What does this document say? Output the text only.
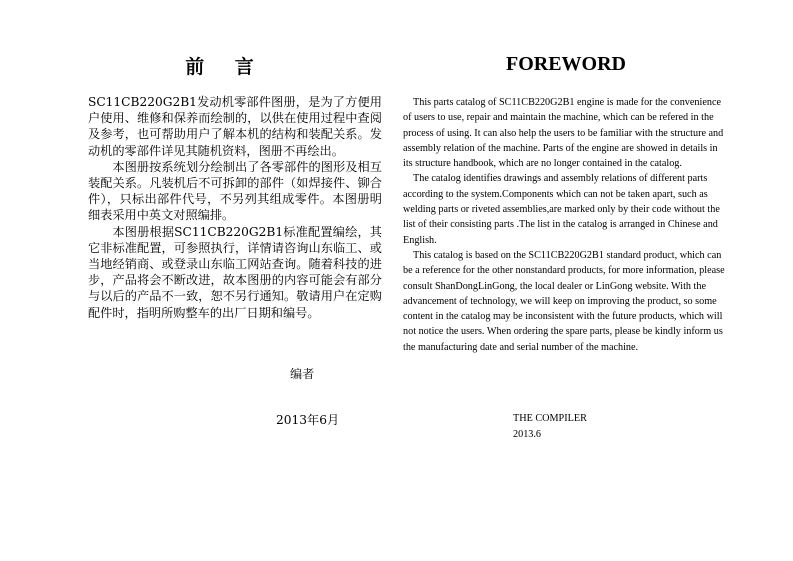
前 言

SC11CB220G2B1发动机零部件图册，是为了方便用户使用、维修和保养而绘制的，以供在使用过程中查阅及参考，也可帮助用户了解本机的结构和装配关系。发动机的零部件详见其随机资料，图册不再绘出。

本图册按系统划分绘制出了各零部件的图形及相互装配关系。凡装机后不可拆卸的部件（如焊接件、铆合件），只标出部件代号，不另列其组成零件。本图册明细表采用中英文对照编排。

本图册根据SC11CB220G2B1标准配置编绘，其它非标准配置，可参照执行，详情请咨询山东临工、或当地经销商、或登录山东临工网站查询。随着科技的进步，产品将会不断改进，故本图册的内容可能会有部分与以后的产品不一致，恕不另行通知。敬请用户在定购配件时，指明所购整车的出厂日期和编号。

编者

2013年6月

FOREWORD

This parts catalog of SC11CB220G2B1 engine is made for the convenience of users to use, repair and maintain the machine, which can be refered in the process of using. It can also help the users to be familiar with the structure and assembly relation of the machine. Parts of the engine are showed in details in its structure handbook, which are no longer contained in the catalog.

The catalog identifies drawings and assembly relations of different parts according to the system.Components which can not be taken apart, such as welding parts or riveted assemblies,are marked only by their code without the list of their consisting parts .The list in the catalog is arranged in Chinese and English.

This catalog is based on the SC11CB220G2B1 standard product, which can be a reference for the other nonstandard products, for more information, please consult ShanDongLinGong, the local dealer or LinGong website. With the advancement of technology, we will keep on improving the product, so some content in the catalog may be inconsistent with the future products, which will not notice the users. When ordering the spare parts, please be kindly inform us the manufacturing date and serial number of the machine.

THE COMPILER

2013.6
